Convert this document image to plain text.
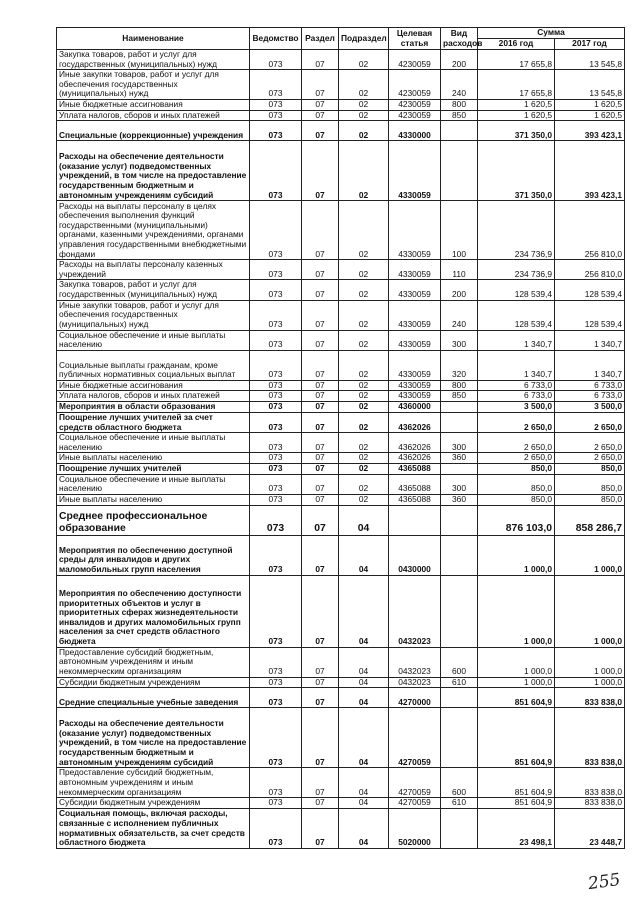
Наименование	Ведомство	Раздел	Подраздел	Целевая статья	Вид расходов	Сумма	
						2016 год	2017 год
Закупка товаров, работ и услуг для государственных (муниципальных) нужд	073	07	02	4230059	200	17 655,8	13 545,8
Иные закупки товаров, работ и услуг для обеспечения государственных (муниципальных) нужд	073	07	02	4230059	240	17 655,8	13 545,8
Иные бюджетные ассигнования	073	07	02	4230059	800	1 620,5	1 620,5
Уплата налогов, сборов и иных платежей	073	07	02	4230059	850	1 620,5	1 620,5
Специальные (коррекционные) учреждения	073	07	02	4330000		371 350,0	393 423,1
Расходы на обеспечение деятельности (оказание услуг) подведомственных учреждений, в том числе на предоставление государственным бюджетным и автономным учреждениям субсидий	073	07	02	4330059		371 350,0	393 423,1
Расходы на выплаты персоналу в целях обеспечения выполнения функций государственными (муниципальными) органами, казенными учреждениями, органами управления государственными внебюджетными фондами	073	07	02	4330059	100	234 736,9	256 810,0
Расходы на выплаты персоналу казенных учреждений	073	07	02	4330059	110	234 736,9	256 810,0
Закупка товаров, работ и услуг для государственных (муниципальных) нужд	073	07	02	4330059	200	128 539,4	128 539,4
Иные закупки товаров, работ и услуг для обеспечения государственных (муниципальных) нужд	073	07	02	4330059	240	128 539,4	128 539,4
Социальное обеспечение и иные выплаты населению	073	07	02	4330059	300	1 340,7	1 340,7
Социальные выплаты гражданам, кроме публичных нормативных социальных выплат	073	07	02	4330059	320	1 340,7	1 340,7
Иные бюджетные ассигнования	073	07	02	4330059	800	6 733,0	6 733,0
Уплата налогов, сборов и иных платежей	073	07	02	4330059	850	6 733,0	6 733,0
Мероприятия в области образования	073	07	02	4360000		3 500,0	3 500,0
Поощрение лучших учителей за счет средств областного бюджета	073	07	02	4362026		2 650,0	2 650,0
Социальное обеспечение и иные выплаты населению	073	07	02	4362026	300	2 650,0	2 650,0
Иные выплаты населению	073	07	02	4362026	360	2 650,0	2 650,0
Поощрение лучших учителей	073	07	02	4365088		850,0	850,0
Социальное обеспечение и иные выплаты населению	073	07	02	4365088	300	850,0	850,0
Иные выплаты населению	073	07	02	4365088	360	850,0	850,0
Среднее профессиональное образование	073	07	04			876 103,0	858 286,7
Мероприятия по обеспечению доступной среды для инвалидов и других маломобильных групп населения	073	07	04	0430000		1 000,0	1 000,0
Мероприятия по обеспечению доступности приоритетных объектов и услуг в приоритетных сферах жизнедеятельности инвалидов и других маломобильных групп населения за счет средств областного бюджета	073	07	04	0432023		1 000,0	1 000,0
Предоставление субсидий бюджетным, автономным учреждениям и иным некоммерческим организациям	073	07	04	0432023	600	1 000,0	1 000,0
Субсидии бюджетным учреждениям	073	07	04	0432023	610	1 000,0	1 000,0
Средние специальные учебные заведения	073	07	04	4270000		851 604,9	833 838,0
Расходы на обеспечение деятельности (оказание услуг) подведомственных учреждений, в том числе на предоставление государственным бюджетным и автономным учреждениям субсидий	073	07	04	4270059		851 604,9	833 838,0
Предоставление субсидий бюджетным, автономным учреждениям и иным некоммерческим организациям	073	07	04	4270059	600	851 604,9	833 838,0
Субсидии бюджетным учреждениям	073	07	04	4270059	610	851 604,9	833 838,0
Социальная помощь, включая расходы, связанные с исполнением публичных нормативных обязательств, за счет средств областного бюджета	073	07	04	5020000		23 498,1	23 448,7
255
